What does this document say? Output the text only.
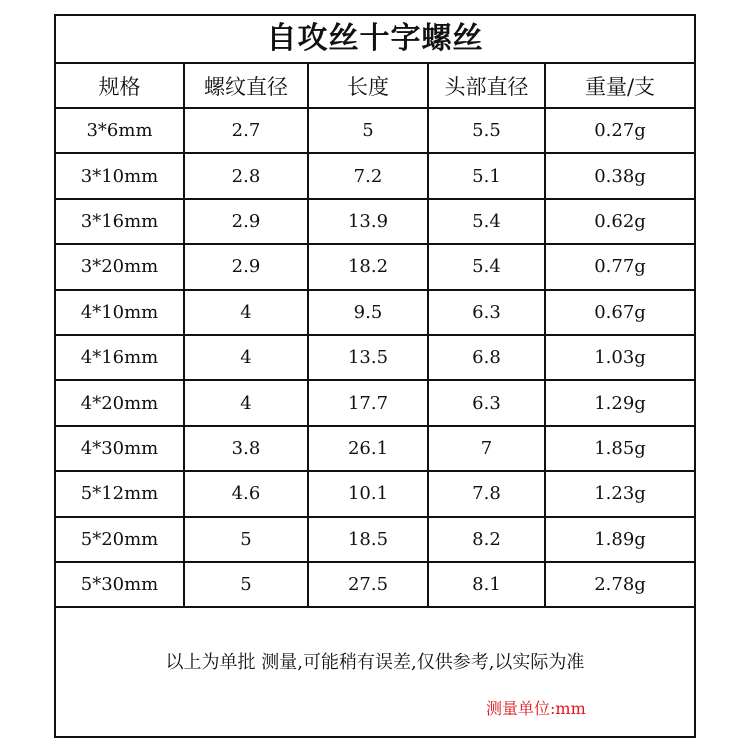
自攻丝十字螺丝
规格	螺纹直径	长度	头部直径	重量/支
3*6mm	2.7	5	5.5	0.27g
3*10mm	2.8	7.2	5.1	0.38g
3*16mm	2.9	13.9	5.4	0.62g
3*20mm	2.9	18.2	5.4	0.77g
4*10mm	4	9.5	6.3	0.67g
4*16mm	4	13.5	6.8	1.03g
4*20mm	4	17.7	6.3	1.29g
4*30mm	3.8	26.1	7	1.85g
5*12mm	4.6	10.1	7.8	1.23g
5*20mm	5	18.5	8.2	1.89g
5*30mm	5	27.5	8.1	2.78g
以上为单批 测量,可能稍有误差,仅供参考,以实际为准
测量单位:mm
